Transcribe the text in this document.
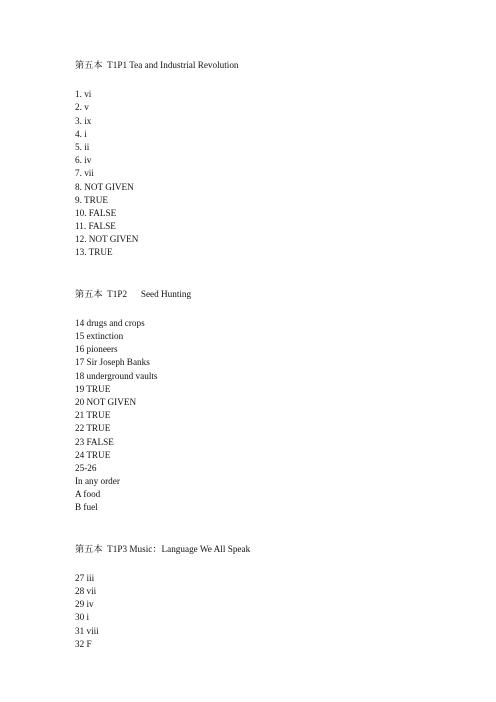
第五本  T1P1 Tea and Industrial Revolution
1. vi
2. v
3. ix
4. i
5. ii
6. iv
7. vii
8. NOT GIVEN
9. TRUE
10. FALSE
11. FALSE
12. NOT GIVEN
13. TRUE
第五本  T1P2      Seed Hunting
14 drugs and crops
15 extinction
16 pioneers
17 Sir Joseph Banks
18 underground vaults
19 TRUE
20 NOT GIVEN
21 TRUE
22 TRUE
23 FALSE
24 TRUE
25-26
In any order
A food
B fuel
第五本  T1P3 Music：Language We All Speak
27 iii
28 vii
29 iv
30 i
31 viii
32 F
